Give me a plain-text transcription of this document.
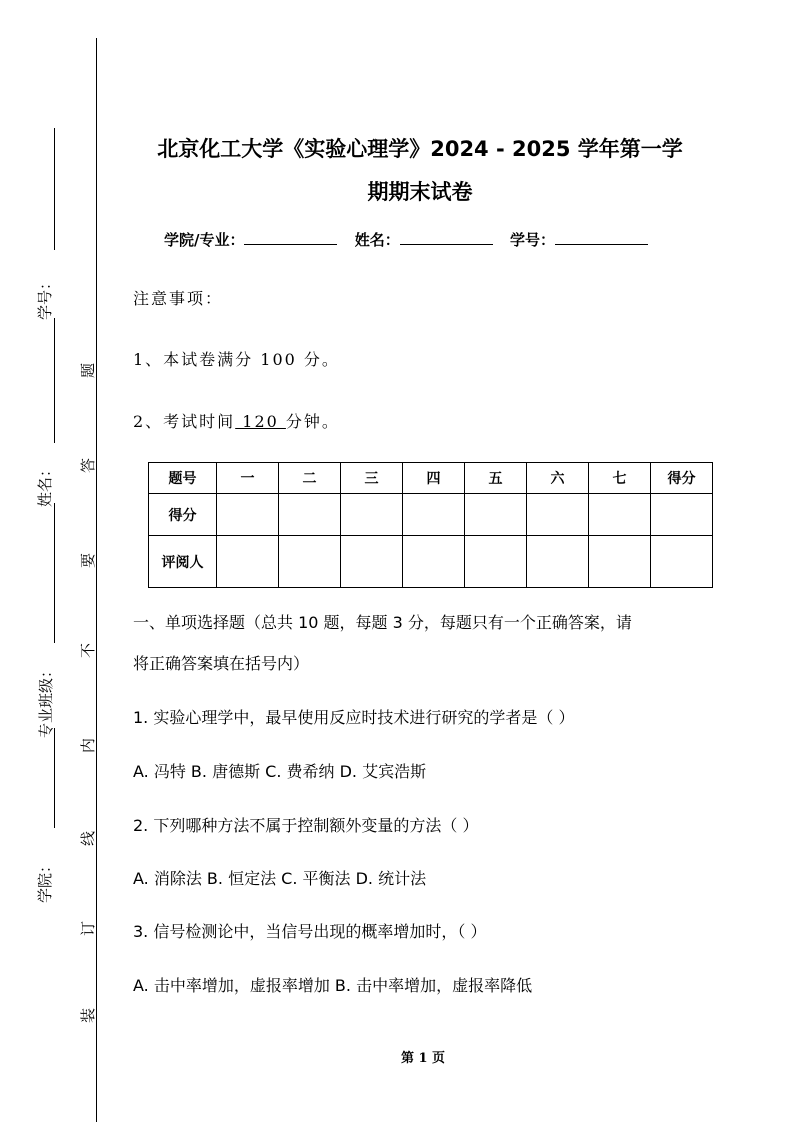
学号：
姓名：
专业班级：
学院：
题
答
要
不
内
线
订
装
北京化工大学《实验心理学》2024 - 2025 学年第一学
期期末试卷
学院/专业：	姓名：	学号：
注意事项：
1、本试卷满分 100 分。
2、考试时间 120 分钟。
题号	一	二	三	四	五	六	七	得分
得分								
评阅人								
一、单项选择题（总共 10 题，每题 3 分，每题只有一个正确答案，请
将正确答案填在括号内）
1. 实验心理学中，最早使用反应时技术进行研究的学者是（ ）
A. 冯特 B. 唐德斯 C. 费希纳 D. 艾宾浩斯
2. 下列哪种方法不属于控制额外变量的方法（ ）
A. 消除法 B. 恒定法 C. 平衡法 D. 统计法
3. 信号检测论中，当信号出现的概率增加时，（ ）
A. 击中率增加，虚报率增加 B. 击中率增加，虚报率降低
第 1 页
